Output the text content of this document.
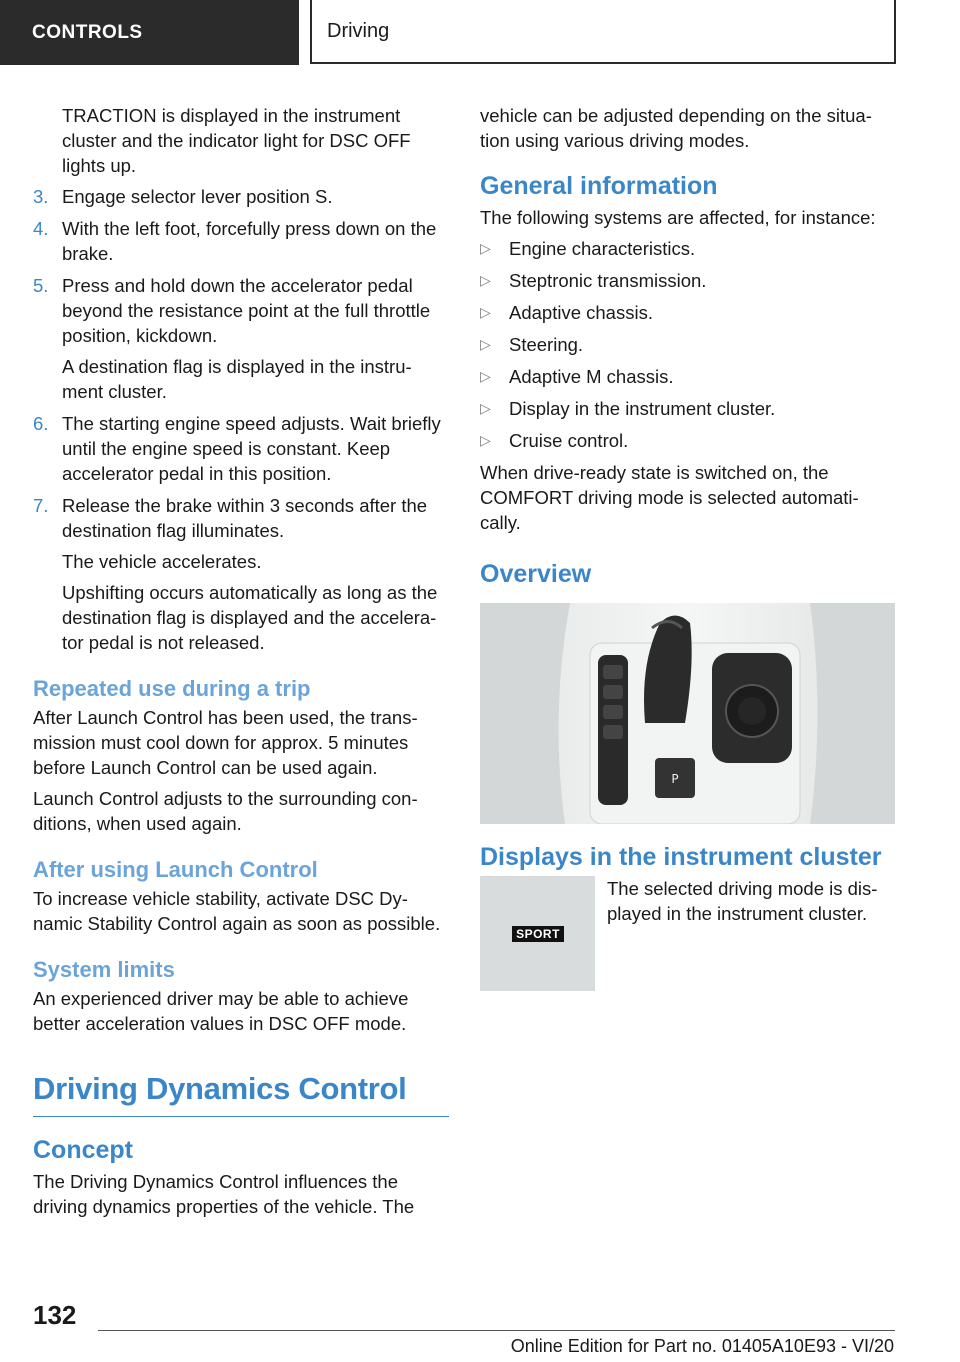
CONTROLS	Driving

TRACTION is displayed in the instrument cluster and the indicator light for DSC OFF lights up.

3. Engage selector lever position S.

4. With the left foot, forcefully press down on the brake.

5. Press and hold down the accelerator pedal beyond the resistance point at the full throttle position, kickdown.

A destination flag is displayed in the instru‐ ment cluster.

6. The starting engine speed adjusts. Wait briefly until the engine speed is constant. Keep accelerator pedal in this position.

7. Release the brake within 3 seconds after the destination flag illuminates.

The vehicle accelerates.

Upshifting occurs automatically as long as the destination flag is displayed and the accelera‐ tor pedal is not released.

Repeated use during a trip

After Launch Control has been used, the trans‐ mission must cool down for approx. 5 minutes before Launch Control can be used again.

Launch Control adjusts to the surrounding con‐ ditions, when used again.

After using Launch Control

To increase vehicle stability, activate DSC Dy‐ namic Stability Control again as soon as possible.

System limits

An experienced driver may be able to achieve better acceleration values in DSC OFF mode.

Driving Dynamics Control
Concept

The Driving Dynamics Control influences the driving dynamics properties of the vehicle. The

vehicle can be adjusted depending on the situa‐ tion using various driving modes.

General information

The following systems are affected, for instance:

▷ Engine characteristics.
▷ Steptronic transmission.
▷ Adaptive chassis.
▷ Steering.
▷ Adaptive M chassis.
▷ Display in the instrument cluster.
▷ Cruise control.

When drive-ready state is switched on, the COMFORT driving mode is selected automati‐ cally.

Overview
P
Displays in the instrument cluster
SPORT

The selected driving mode is dis‐ played in the instrument cluster.

132
Online Edition for Part no. 01405A10E93 - VI/20
